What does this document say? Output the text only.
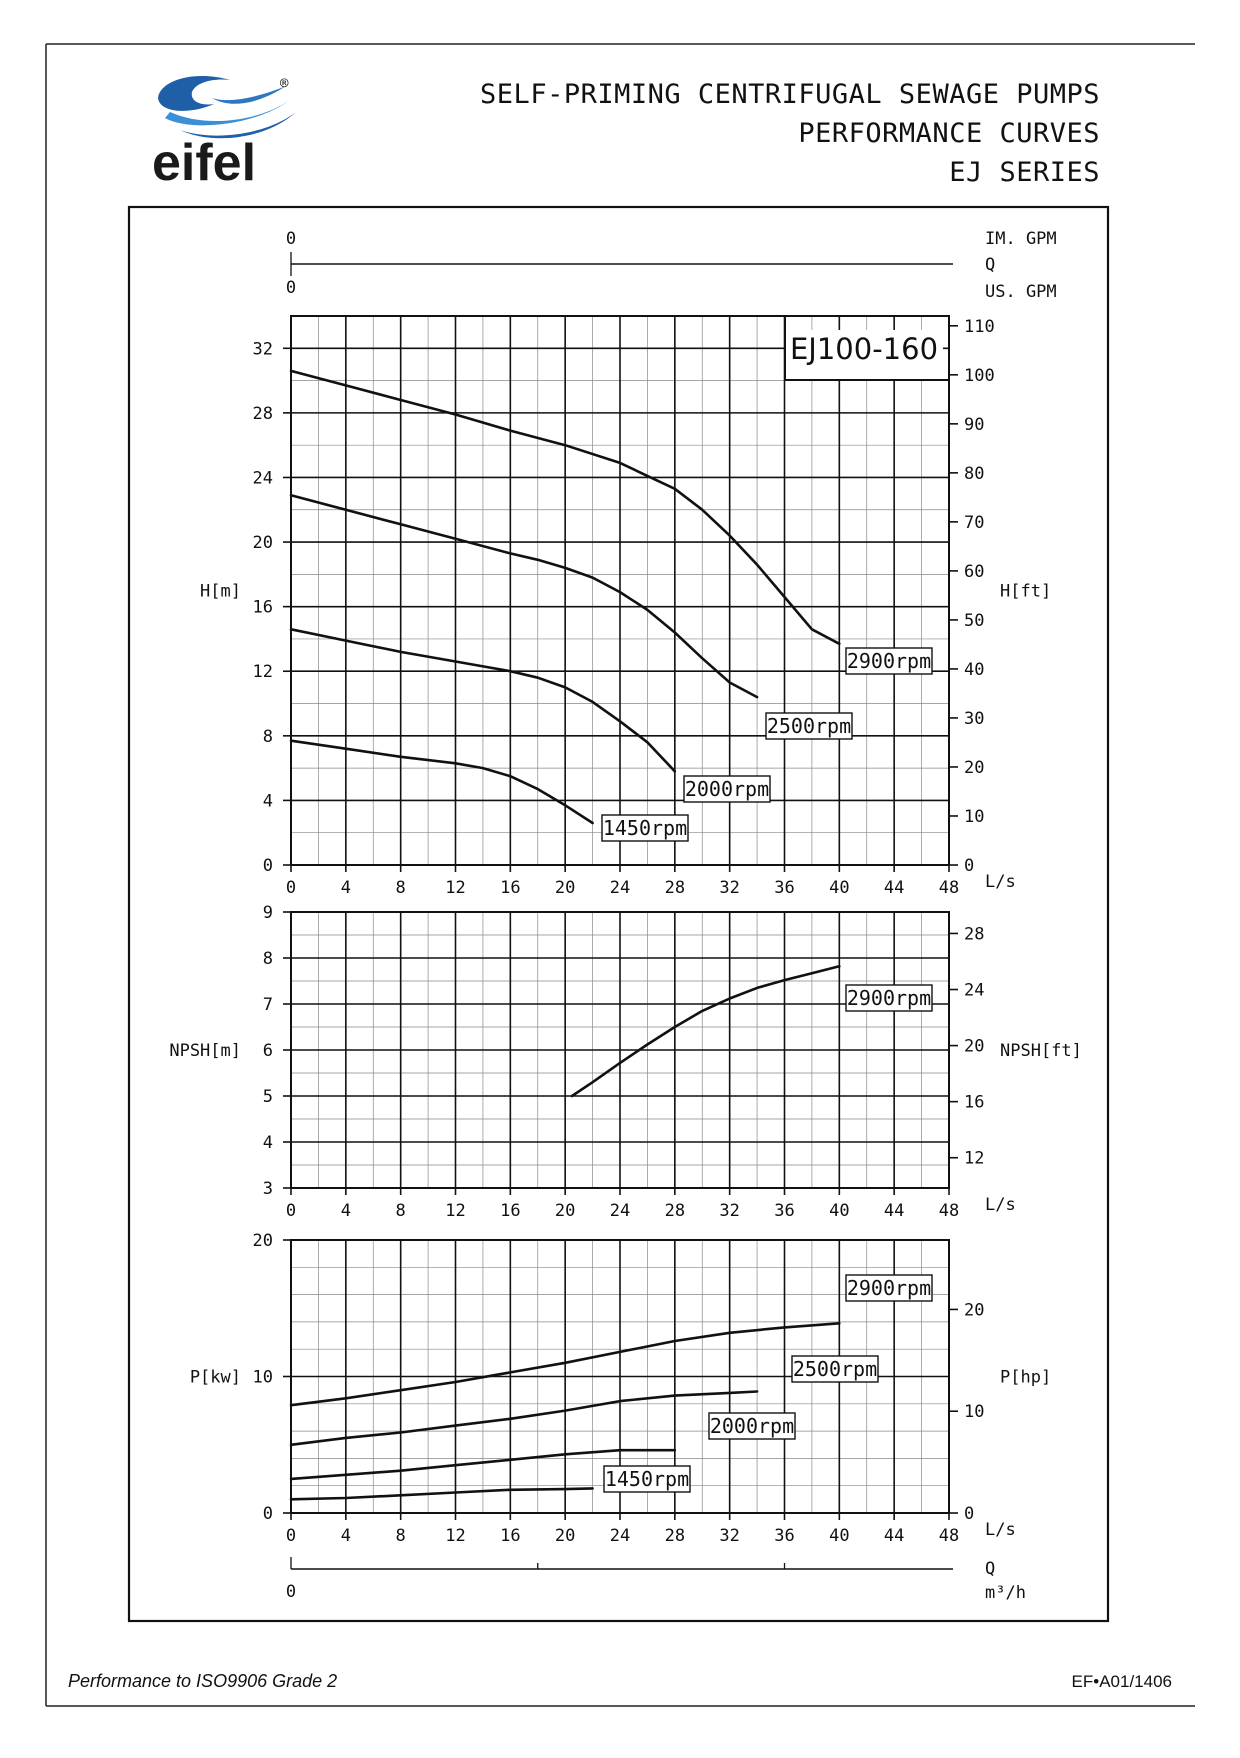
®
eifel
SELF-PRIMING CENTRIFUGAL SEWAGE PUMPS
PERFORMANCE CURVES
EJ SERIES
0	4	8 12 16 20 24 28 32 36 40 44 48 L/s
0
4
8
12
16
20
24
28
32
0
10
20
30
40
50
60
70
80
90
100
110
H[m]	H[ft]
0
0
IM. GPM
Q
US. GPM
EJ100-160
2900rpm
2500rpm
2000rpm
1450rpm
0	4	8 12 16 20 24 28 32 36 40 44 48 L/s
3
4
5
6
7
8
9
12
16
20
24
28
NPSH[m]	NPSH[ft]
2900rpm
0	4	8 12 16 20 24 28 32 36 40 44 48 L/s
0
10
20
0
10
20
P[kw]	P[hp]
0
Q
m³/h
2900rpm
2500rpm
2000rpm
1450rpm
Performance to ISO9906 Grade 2	EF•A01/1406
